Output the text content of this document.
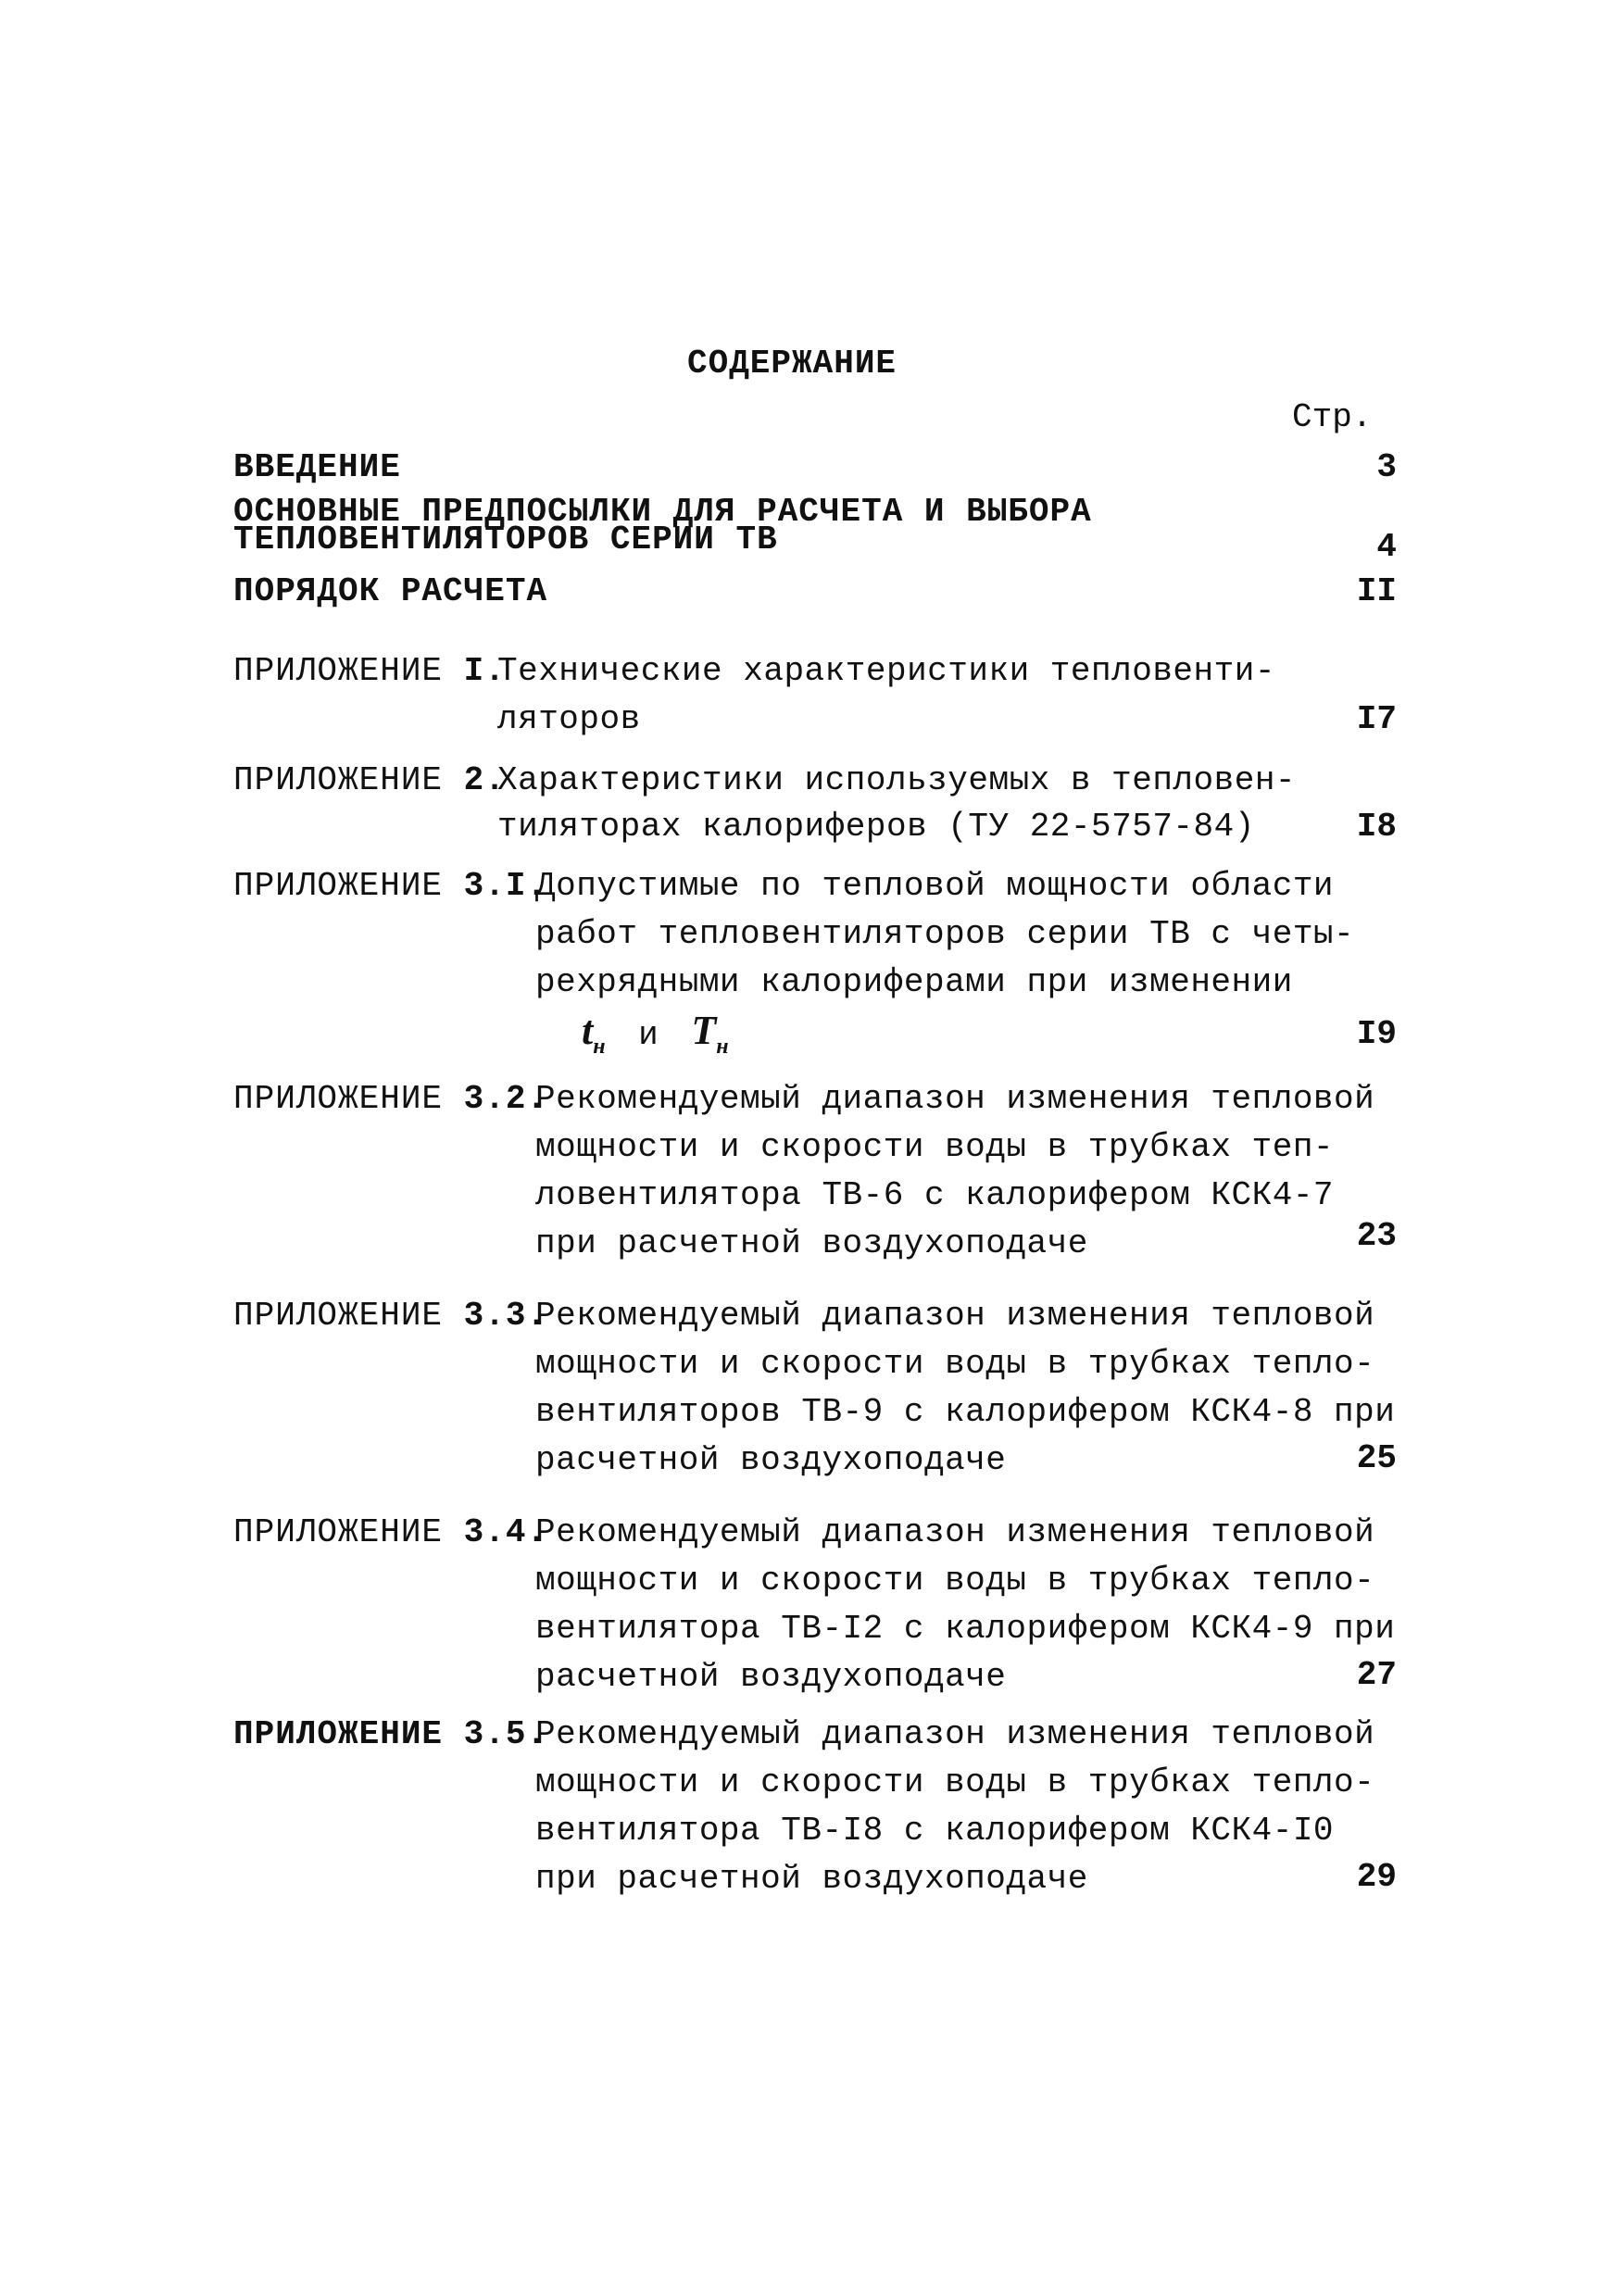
СОДЕРЖАНИЕ
Стр.
ВВЕДЕНИЕ	3
ОСНОВНЫЕ ПРЕДПОСЫЛКИ ДЛЯ РАСЧЕТА И ВЫБОРА
ТЕПЛОВЕНТИЛЯТОРОВ СЕРИИ ТВ	4
ПОРЯДОК РАСЧЕТА	II
ПРИЛОЖЕНИЕ I.
Техничеcкие характеристики тепловенти-
ляторов	I7
ПРИЛОЖЕНИЕ 2.
Характеристики используемых в тепловен-
тиляторах калориферов (ТУ 22-5757-84)	I8
ПРИЛОЖЕНИЕ 3.I.
Допустимые по тепловой мощности области
работ тепловентиляторов серии ТВ с четы-
рехрядными калориферами при изменении
$t_н$ и $T_н$	I9
ПРИЛОЖЕНИЕ 3.2.
Рекомендуемый диапазон изменения тепловой
мощности и скорости воды в трубках теп-
ловентилятора ТВ-6 с калорифером КСК4-7
при расчетной воздухоподаче	23
ПРИЛОЖЕНИЕ 3.3.
Рекомендуемый диапазон изменения тепловой
мощности и скорости воды в трубках тепло-
вентиляторов ТВ-9 с калорифером КСК4-8 при
расчетной воздухоподаче	25
ПРИЛОЖЕНИЕ 3.4.
Рекомендуемый диапазон изменения тепловой
мощности и скорости воды в трубках тепло-
вентилятора ТВ-I2 с калорифером КСК4-9 при
расчетной воздухоподаче	27
ПРИЛОЖЕНИЕ 3.5.
Рекомендуемый диапазон изменения тепловой
мощности и скорости воды в трубках тепло-
вентилятора ТВ-I8 с калорифером КСК4-I0
при расчетной воздухоподаче	29
